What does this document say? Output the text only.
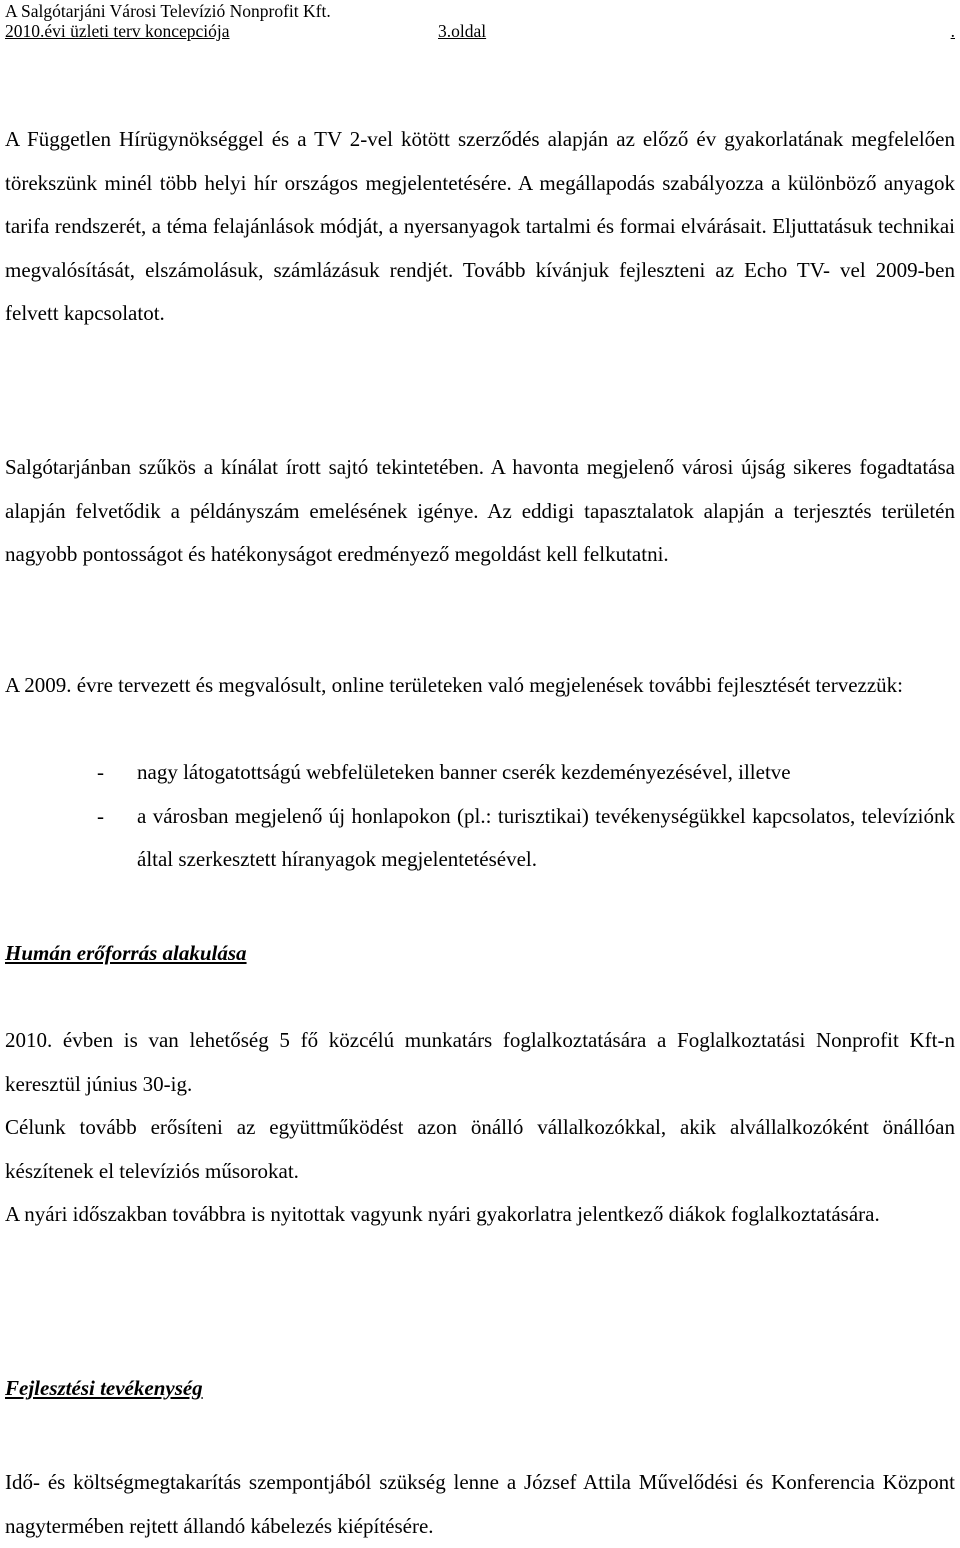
A Salgótarjáni Városi Televízió Nonprofit Kft.
2010.évi üzleti terv koncepciója	3.oldal	.

A Független Hírügynökséggel és a TV 2-vel kötött szerződés alapján az előző év gyakorlatának megfelelően törekszünk minél több helyi hír országos megjelentetésére. A megállapodás szabályozza a különböző anyagok tarifa rendszerét, a téma felajánlások módját, a nyersanyagok tartalmi és formai elvárásait. Eljuttatásuk technikai megvalósítását, elszámolásuk, számlázásuk rendjét. Tovább kívánjuk fejleszteni az Echo TV- vel 2009-ben felvett kapcsolatot.

Salgótarjánban szűkös a kínálat írott sajtó tekintetében. A havonta megjelenő városi újság sikeres fogadtatása alapján felvetődik a példányszám emelésének igénye. Az eddigi tapasztalatok alapján a terjesztés területén nagyobb pontosságot és hatékonyságot eredményező megoldást kell felkutatni.

A 2009. évre tervezett és megvalósult, online területeken való megjelenések további fejlesztését tervezzük:

- nagy látogatottságú webfelületeken banner cserék kezdeményezésével, illetve
- a városban megjelenő új honlapokon (pl.: turisztikai) tevékenységükkel kapcsolatos, televíziónk által szerkesztett híranyagok megjelentetésével.
Humán erőforrás alakulása

2010. évben is van lehetőség 5 fő közcélú munkatárs foglalkoztatására a Foglalkoztatási Nonprofit Kft-n keresztül június 30-ig.

Célunk tovább erősíteni az együttműködést azon önálló vállalkozókkal, akik alvállalkozóként önállóan készítenek el televíziós műsorokat.

A nyári időszakban továbbra is nyitottak vagyunk nyári gyakorlatra jelentkező diákok foglalkoztatására.

Fejlesztési tevékenység

Idő- és költségmegtakarítás szempontjából szükség lenne a József Attila Művelődési és Konferencia Központ nagytermében rejtett állandó kábelezés kiépítésére.
